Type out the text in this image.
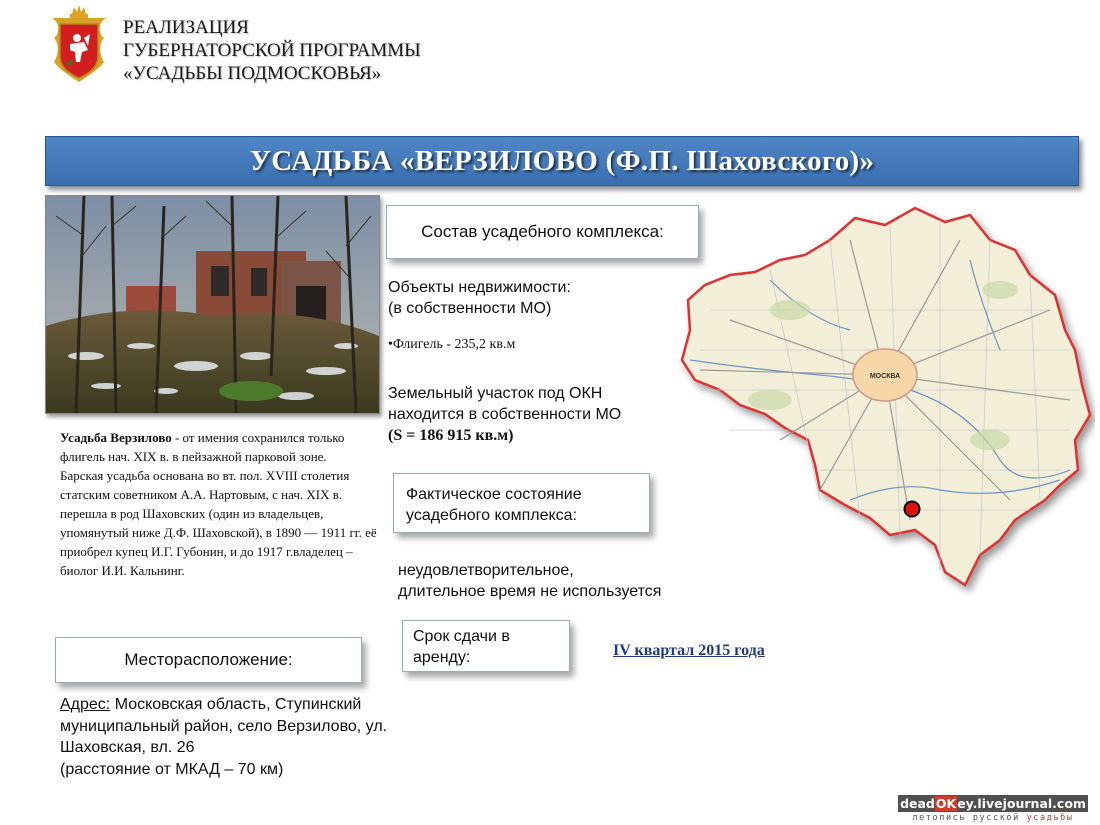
РЕАЛИЗАЦИЯ
ГУБЕРНАТОРСКОЙ ПРОГРАММЫ
«УСАДЬБЫ ПОДМОСКОВЬЯ»
УСАДЬБА «ВЕРЗИЛОВО (Ф.П. Шаховского)»
Усадьба Верзилово - от имения сохранился только флигель нач. XIX в. в пейзажной парковой зоне.
Барская усадьба основана во вт. пол. XVIII столетия статским советником А.А. Нартовым, с нач. XIX в. перешла в род Шаховских (один из владельцев, упомянутый ниже Д.Ф. Шаховской), в 1890 — 1911 гг. её приобрел купец И.Г. Губонин, и до 1917 г.владелец – биолог И.И. Кальнинг.
Состав усадебного комплекса:
Объекты недвижимости:
(в собственности МО)
•Флигель - 235,2 кв.м
Земельный участок под ОКН
находится в собственности МО
(S = 186 915 кв.м)
Фактическое состояние усадебного комплекса:
неудовлетворительное,
длительное время не используется
Срок сдачи в аренду:	IV квартал 2015 года
Месторасположение:
Адрес: Московская область, Ступинский муниципальный район, село Верзилово, ул. Шаховская, вл. 26
(расстояние от МКАД – 70 км)
МОСКВА
deadOKey.livejournal.com
летопись русской усадьбы
